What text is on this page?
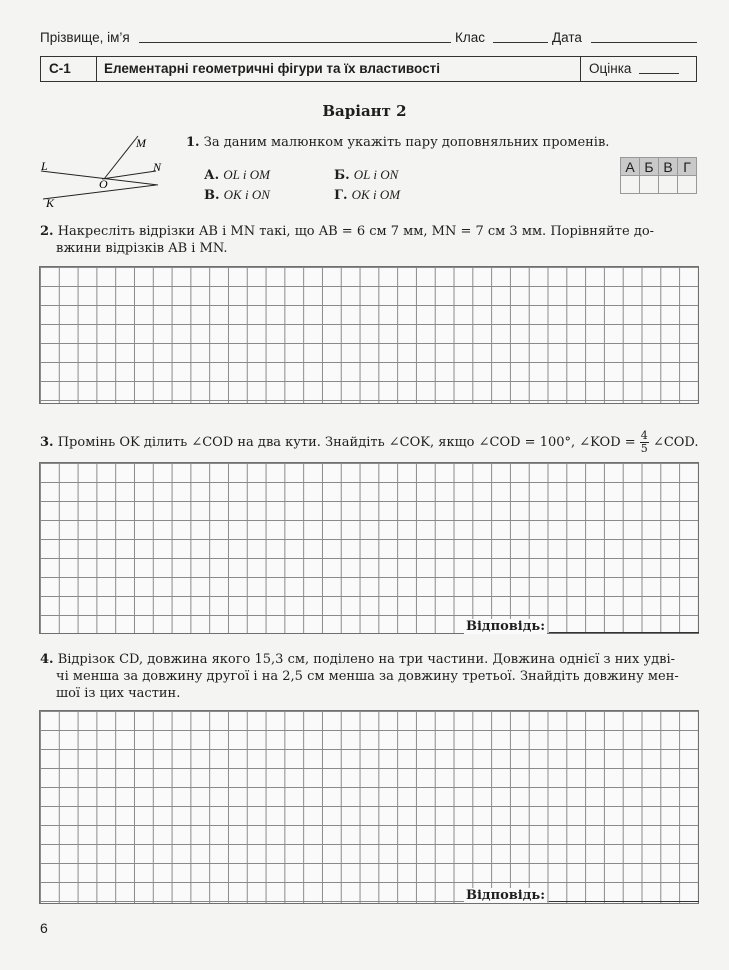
Прізвище, ім’я	Клас	Дата
С-1 Елементарні геометричні фігури та їх властивості	Оцінка
Варіант 2
M
N
L
O
K
1. За даним малюнком укажіть пару доповняльних променів.
А. OL і OM	Б. OL і ON
В. OK і ON	Г. OK і OM
А	Б	В	Г

2. Накресліть відрізки AB і MN такі, що AB = 6 см 7 мм, MN = 7 см 3 мм. Порівняйте до-
вжини відрізків AB і MN.
3. Промінь OK ділить ∠COD на два кути. Знайдіть ∠COK, якщо ∠COD = 100°, ∠KOD = $\frac{4}{5}$ ∠COD.
Відповідь:
4. Відрізок CD, довжина якого 15,3 см, поділено на три частини. Довжина однієї з них удві-
чі менша за довжину другої і на 2,5 см менша за довжину третьої. Знайдіть довжину мен-
шої із цих частин.
Відповідь:
6
